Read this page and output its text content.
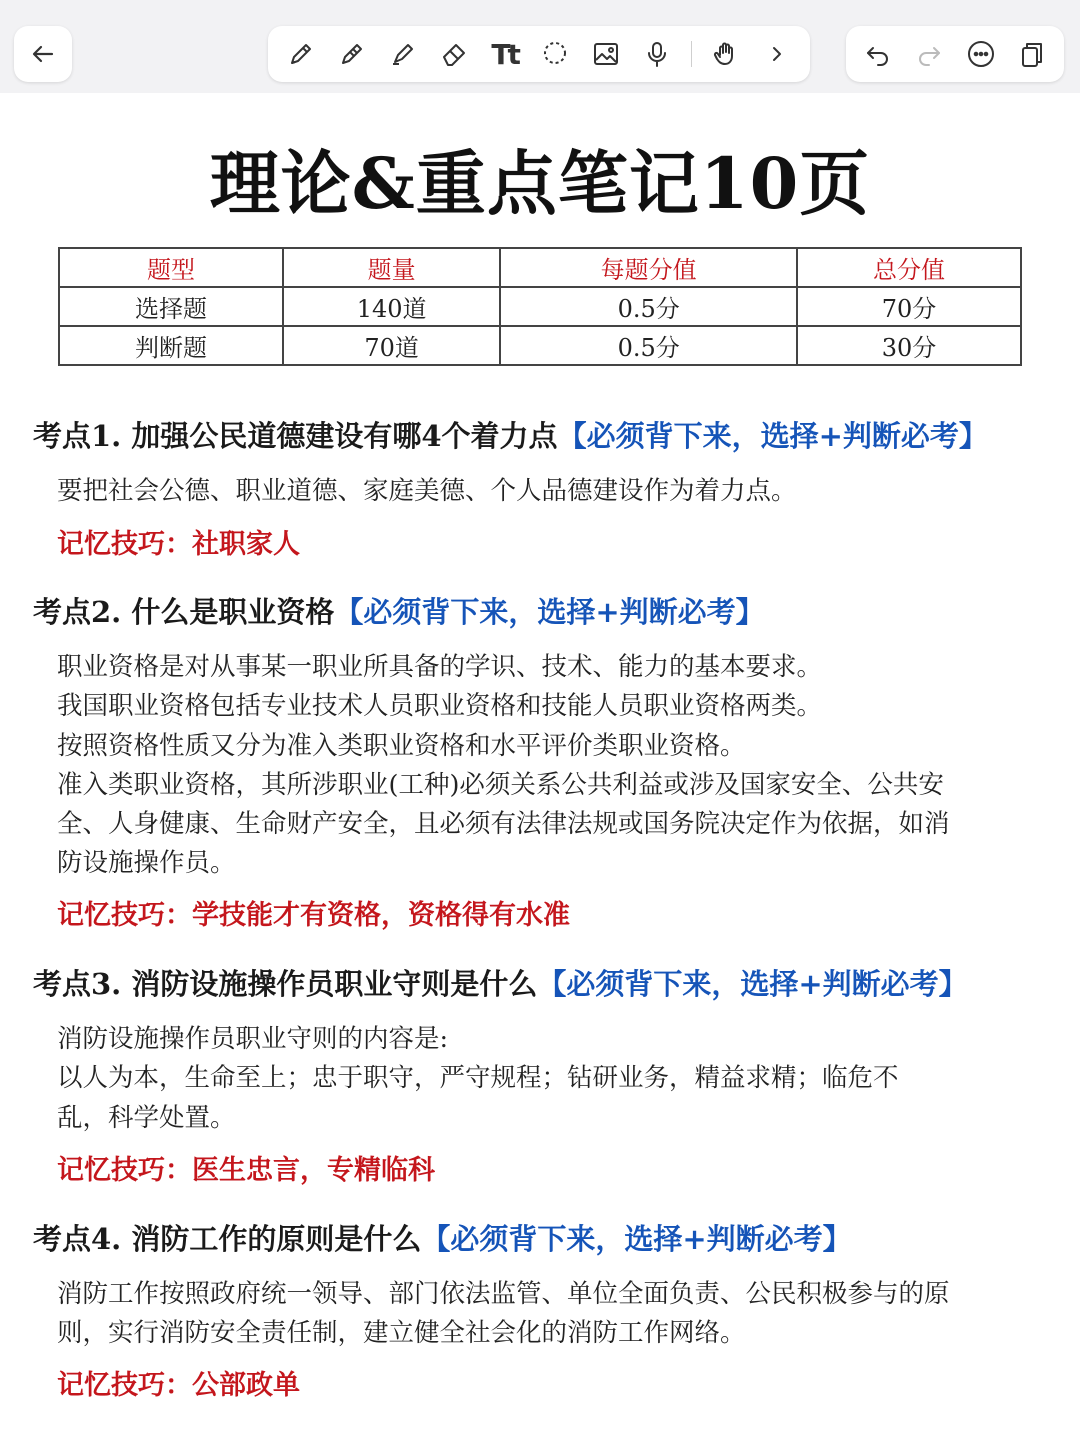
Tt
理论&重点笔记10页
题型	题量	每题分值	总分值
选择题	140道	0.5分	70分
判断题	70道	0.5分	30分
考点1. 加强公民道德建设有哪4个着力点【必须背下来，选择+判断必考】

要把社会公德、职业道德、家庭美德、个人品德建设作为着力点。

记忆技巧：社职家人
考点2. 什么是职业资格【必须背下来，选择+判断必考】

职业资格是对从事某一职业所具备的学识、技术、能力的基本要求。

我国职业资格包括专业技术人员职业资格和技能人员职业资格两类。

按照资格性质又分为准入类职业资格和水平评价类职业资格。

准入类职业资格，其所涉职业(工种)必须关系公共利益或涉及国家安全、公共安

全、人身健康、生命财产安全，且必须有法律法规或国务院决定作为依据，如消

防设施操作员。

记忆技巧：学技能才有资格，资格得有水准
考点3. 消防设施操作员职业守则是什么【必须背下来，选择+判断必考】

消防设施操作员职业守则的内容是:

以人为本，生命至上；忠于职守，严守规程；钻研业务，精益求精；临危不

乱，科学处置。

记忆技巧：医生忠言，专精临科
考点4. 消防工作的原则是什么【必须背下来，选择+判断必考】

消防工作按照政府统一领导、部门依法监管、单位全面负责、公民积极参与的原

则，实行消防安全责任制，建立健全社会化的消防工作网络。

记忆技巧：公部政单
